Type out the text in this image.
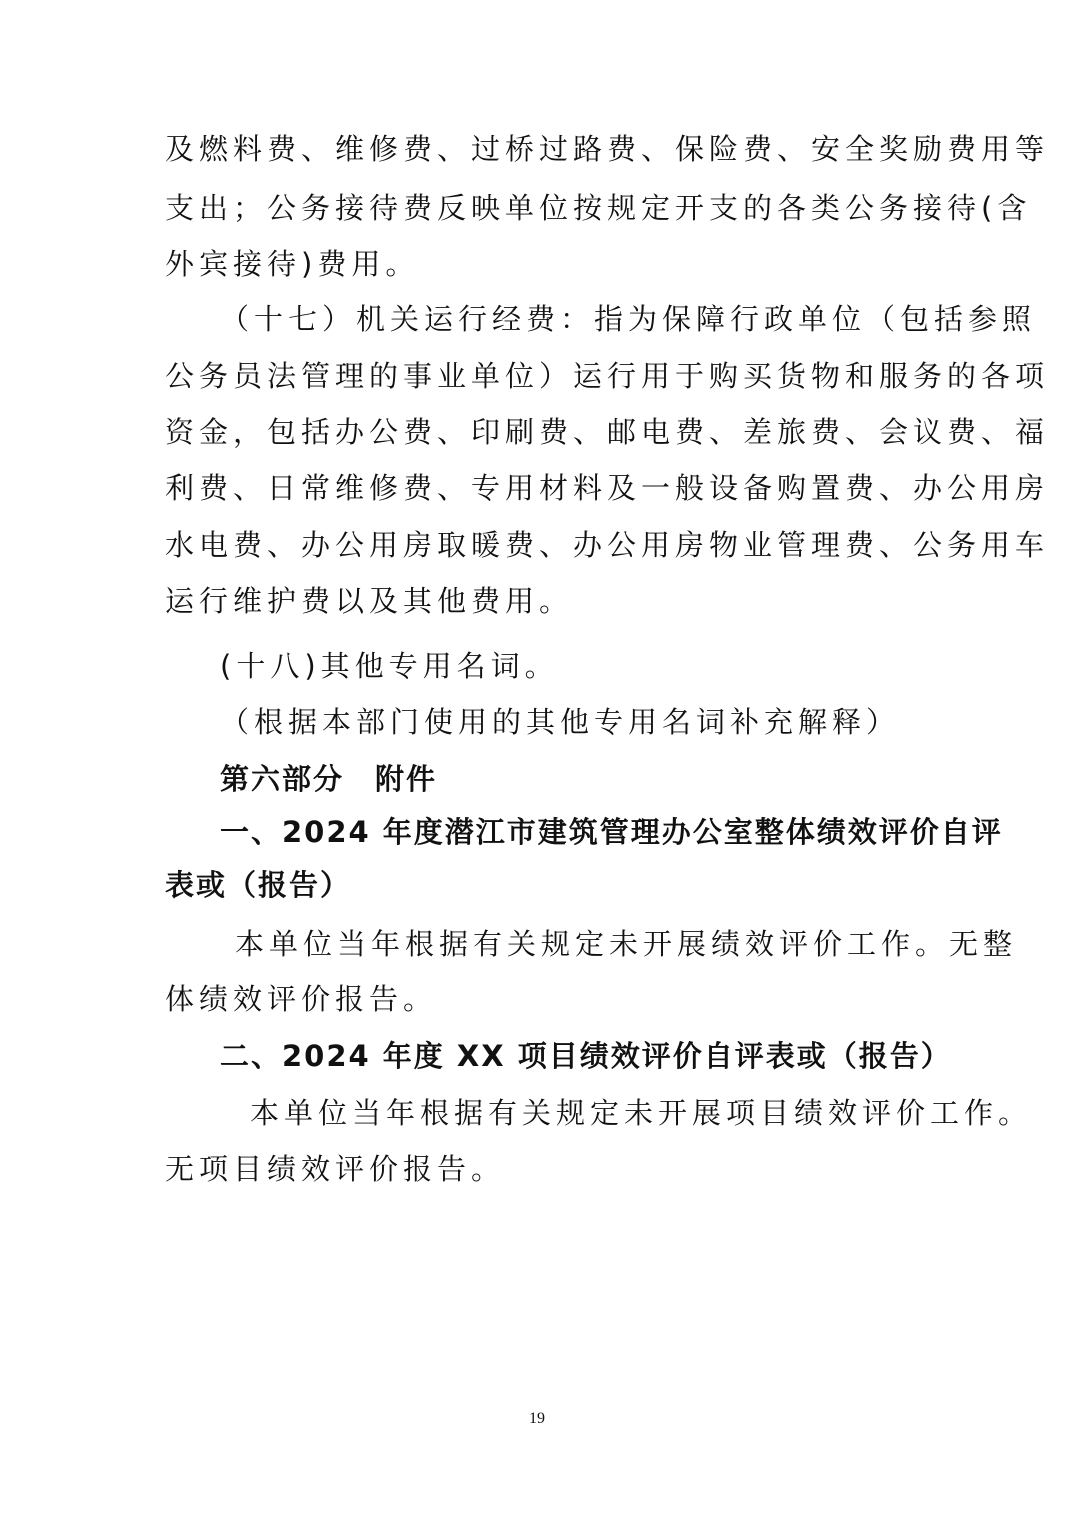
及燃料费、维修费、过桥过路费、保险费、安全奖励费用等
支出；公务接待费反映单位按规定开支的各类公务接待(含
外宾接待)费用。
（十七）机关运行经费：指为保障行政单位（包括参照
公务员法管理的事业单位）运行用于购买货物和服务的各项
资金，包括办公费、印刷费、邮电费、差旅费、会议费、福
利费、日常维修费、专用材料及一般设备购置费、办公用房
水电费、办公用房取暖费、办公用房物业管理费、公务用车
运行维护费以及其他费用。
(十八)其他专用名词。
（根据本部门使用的其他专用名词补充解释）
第六部分　附件
一、2024 年度潜江市建筑管理办公室整体绩效评价自评
表或（报告）
本单位当年根据有关规定未开展绩效评价工作。无整
体绩效评价报告。
二、2024 年度 XX 项目绩效评价自评表或（报告）
本单位当年根据有关规定未开展项目绩效评价工作。
无项目绩效评价报告。
19
